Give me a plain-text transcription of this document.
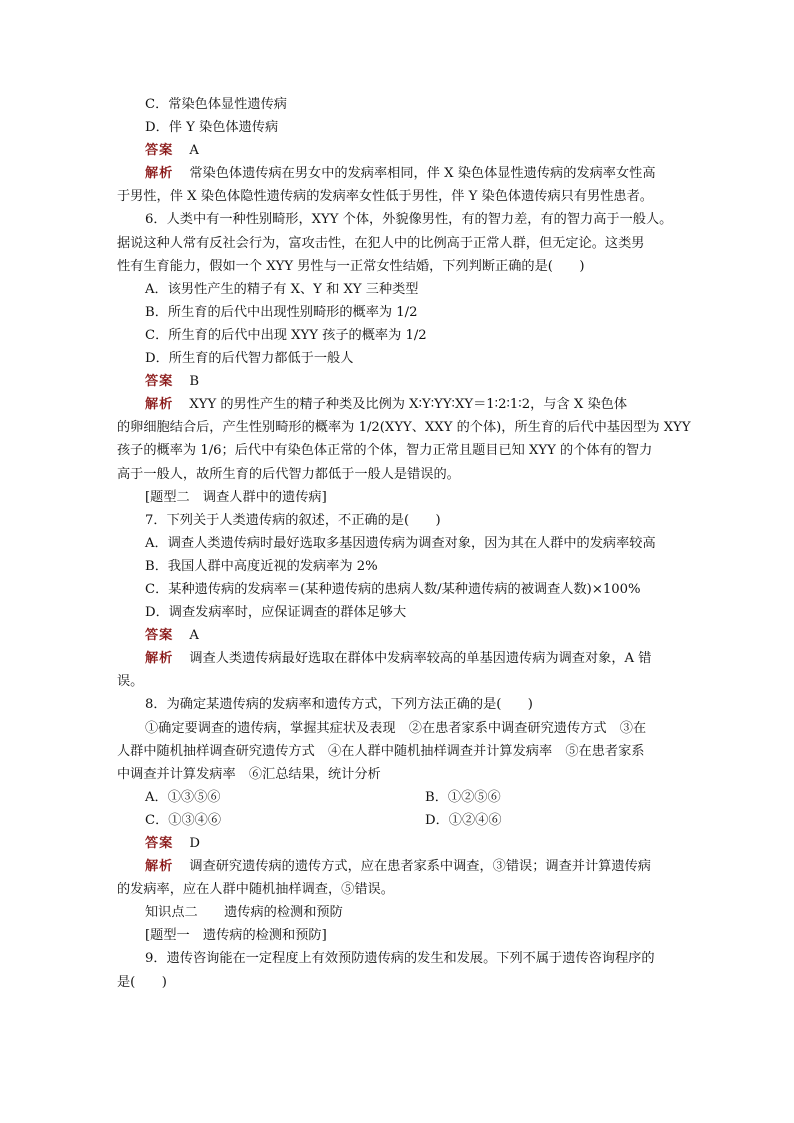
C．常染色体显性遗传病
D．伴 Y 染色体遗传病
答案 A
解析 常染色体遗传病在男女中的发病率相同，伴 X 染色体显性遗传病的发病率女性高
于男性，伴 X 染色体隐性遗传病的发病率女性低于男性，伴 Y 染色体遗传病只有男性患者。
6．人类中有一种性别畸形，XYY 个体，外貌像男性，有的智力差，有的智力高于一般人。
据说这种人常有反社会行为，富攻击性，在犯人中的比例高于正常人群，但无定论。这类男
性有生育能力，假如一个 XYY 男性与一正常女性结婚，下列判断正确的是(　　)
A．该男性产生的精子有 X、Y 和 XY 三种类型
B．所生育的后代中出现性别畸形的概率为 1/2
C．所生育的后代中出现 XYY 孩子的概率为 1/2
D．所生育的后代智力都低于一般人
答案 B
解析 XYY 的男性产生的精子种类及比例为 X∶Y∶YY∶XY＝1∶2∶1∶2，与含 X 染色体
的卵细胞结合后，产生性别畸形的概率为 1/2(XYY、XXY 的个体)，所生育的后代中基因型为 XYY
孩子的概率为 1/6；后代中有染色体正常的个体，智力正常且题目已知 XYY 的个体有的智力
高于一般人，故所生育的后代智力都低于一般人是错误的。
[题型二　调查人群中的遗传病]
7．下列关于人类遗传病的叙述，不正确的是(　　)
A．调查人类遗传病时最好选取多基因遗传病为调查对象，因为其在人群中的发病率较高
B．我国人群中高度近视的发病率为 2%
C．某种遗传病的发病率＝(某种遗传病的患病人数/某种遗传病的被调查人数)×100%
D．调查发病率时，应保证调查的群体足够大
答案 A
解析 调查人类遗传病最好选取在群体中发病率较高的单基因遗传病为调查对象，A 错
误。
8．为确定某遗传病的发病率和遗传方式，下列方法正确的是(　　)
①确定要调查的遗传病，掌握其症状及表现　②在患者家系中调查研究遗传方式　③在
人群中随机抽样调查研究遗传方式　④在人群中随机抽样调查并计算发病率　⑤在患者家系
中调查并计算发病率　⑥汇总结果，统计分析
A．①③⑤⑥	B．①②⑤⑥
C．①③④⑥	D．①②④⑥
答案 D
解析 调查研究遗传病的遗传方式，应在患者家系中调查，③错误；调查并计算遗传病
的发病率，应在人群中随机抽样调查，⑤错误。
知识点二　　遗传病的检测和预防
[题型一　遗传病的检测和预防]
9．遗传咨询能在一定程度上有效预防遗传病的发生和发展。下列不属于遗传咨询程序的
是(　　)
